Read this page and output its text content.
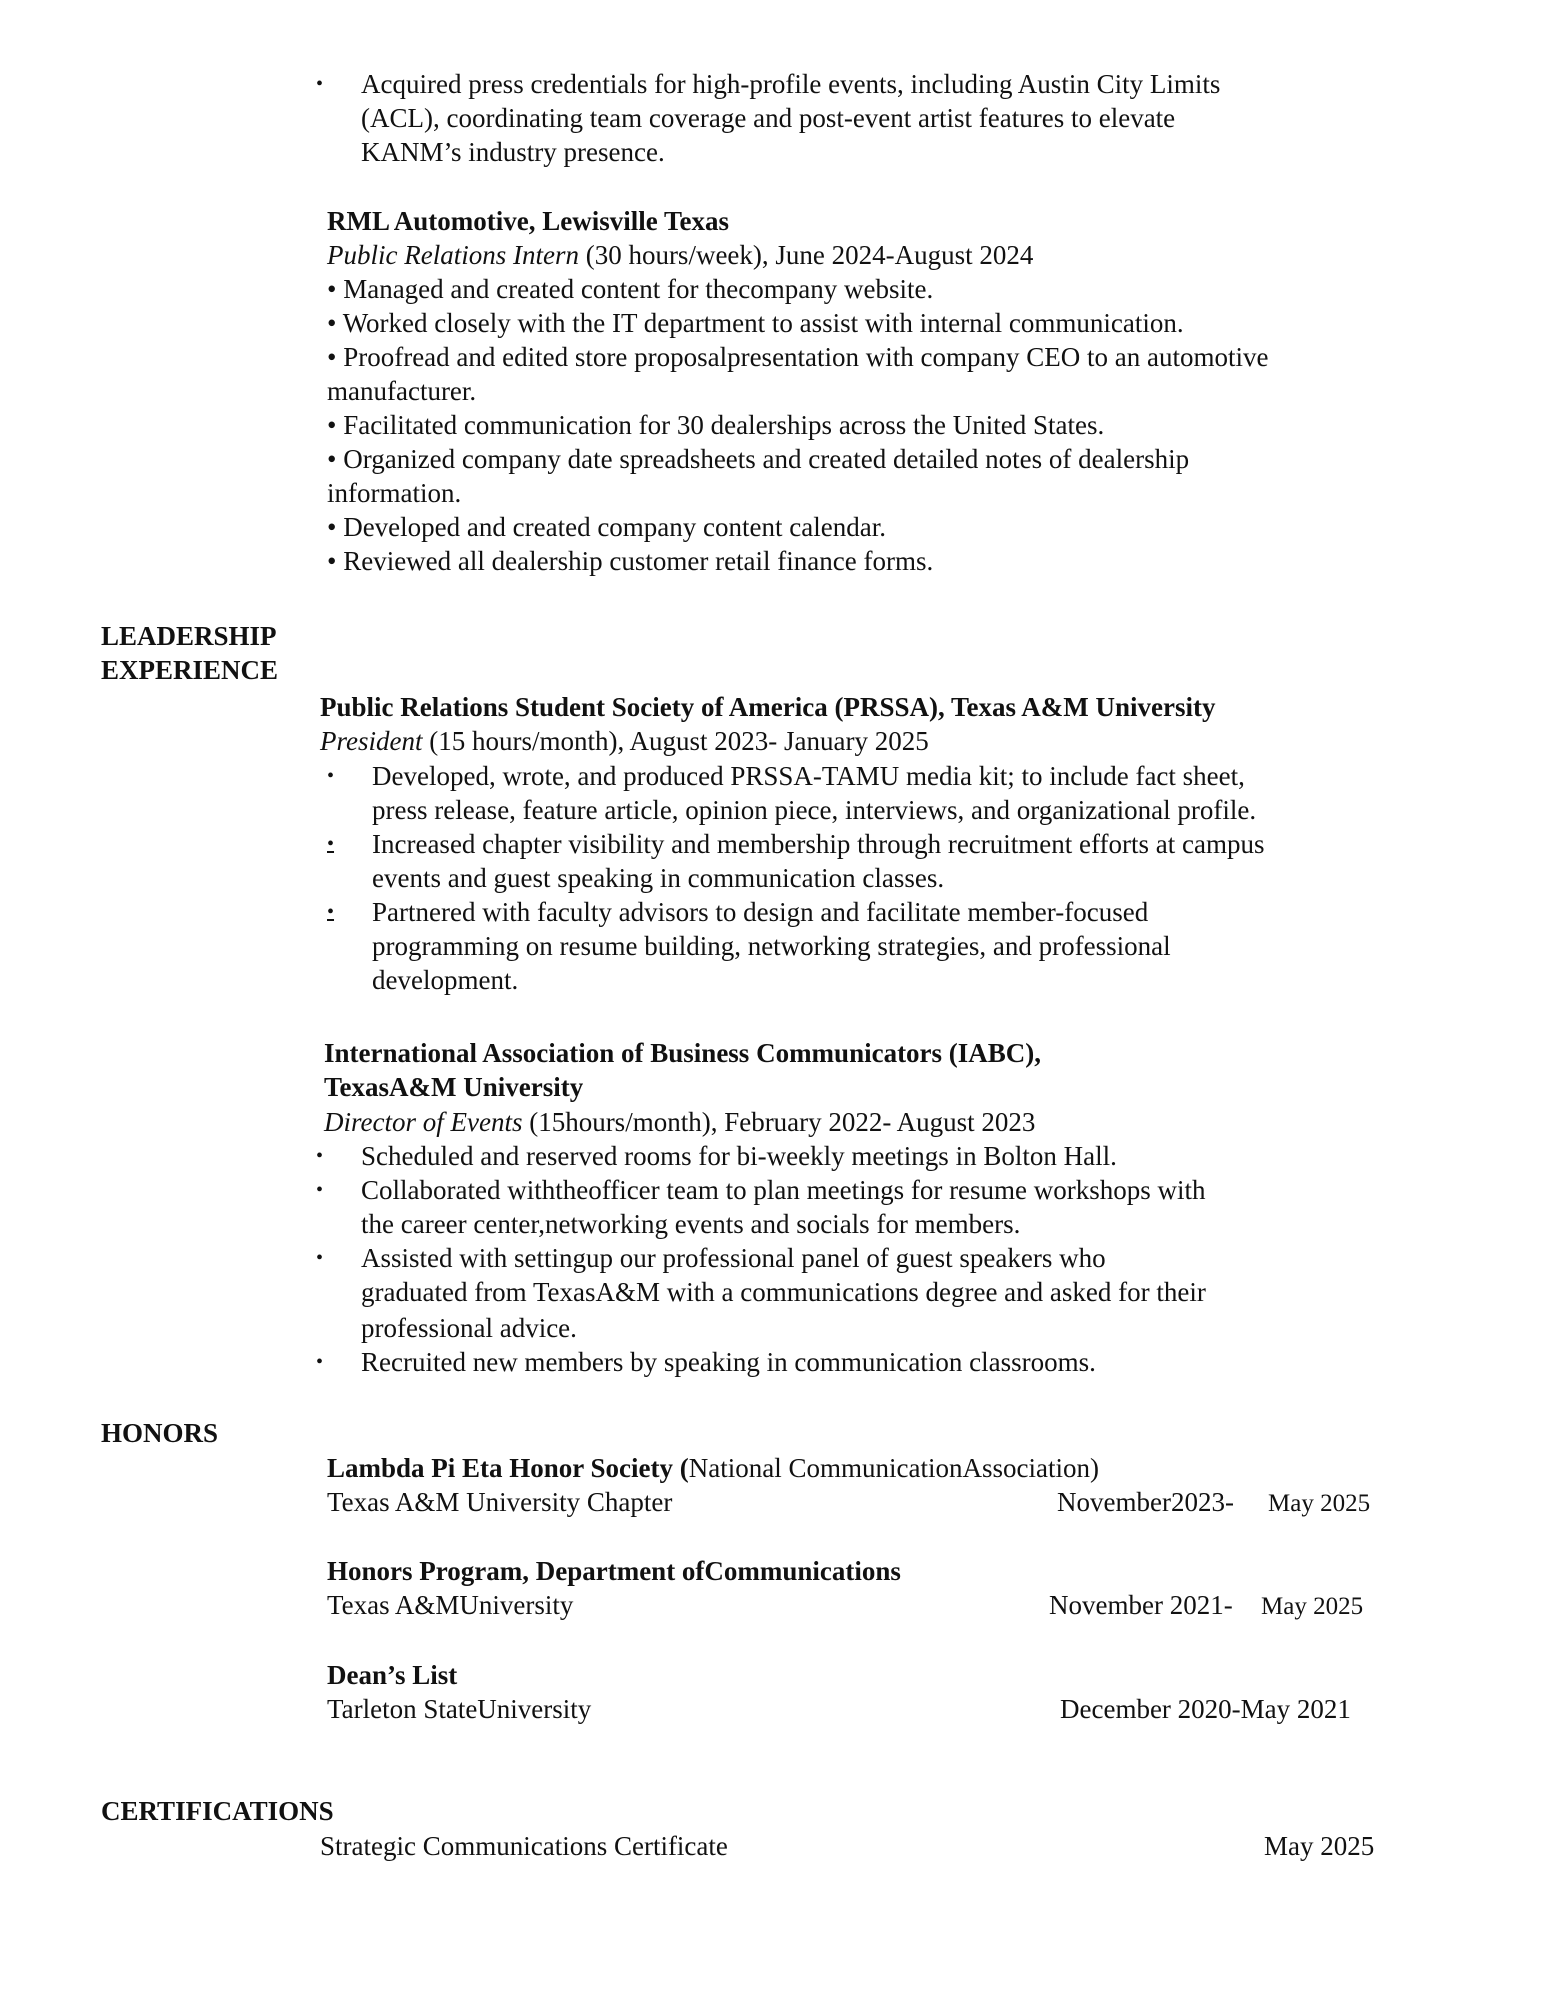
• Acquired press credentials for high-profile events, including Austin City Limits
(ACL), coordinating team coverage and post-event artist features to elevate
KANM’s industry presence.
RML Automotive, Lewisville Texas
Public Relations Intern (30 hours/week), June 2024-August 2024
• Managed and created content for thecompany website.
• Worked closely with the IT department to assist with internal communication.
• Proofread and edited store proposalpresentation with company CEO to an automotive
manufacturer.
• Facilitated communication for 30 dealerships across the United States.
• Organized company date spreadsheets and created detailed notes of dealership
information.
• Developed and created company content calendar.
• Reviewed all dealership customer retail finance forms.
LEADERSHIP
EXPERIENCE
Public Relations Student Society of America (PRSSA), Texas A&M University
President (15 hours/month), August 2023- January 2025
• Developed, wrote, and produced PRSSA-TAMU media kit; to include fact sheet,
press release, feature article, opinion piece, interviews, and organizational profile.
• Increased chapter visibility and membership through recruitment efforts at campus
events and guest speaking in communication classes.
• Partnered with faculty advisors to design and facilitate member-focused
programming on resume building, networking strategies, and professional
development.
International Association of Business Communicators (IABC),
TexasA&M University
Director of Events (15hours/month), February 2022- August 2023
• Scheduled and reserved rooms for bi-weekly meetings in Bolton Hall.
• Collaborated withtheofficer team to plan meetings for resume workshops with
the career center,networking events and socials for members.
• Assisted with settingup our professional panel of guest speakers who
graduated from TexasA&M with a communications degree and asked for their
professional advice.
• Recruited new members by speaking in communication classrooms.
HONORS
Lambda Pi Eta Honor Society (National CommunicationAssociation)
Texas A&M University Chapter	November2023- May 2025
Honors Program, Department ofCommunications
Texas A&MUniversity	November 2021- May 2025
Dean’s List
Tarleton StateUniversity	December 2020-May 2021
CERTIFICATIONS
Strategic Communications Certificate	May 2025
